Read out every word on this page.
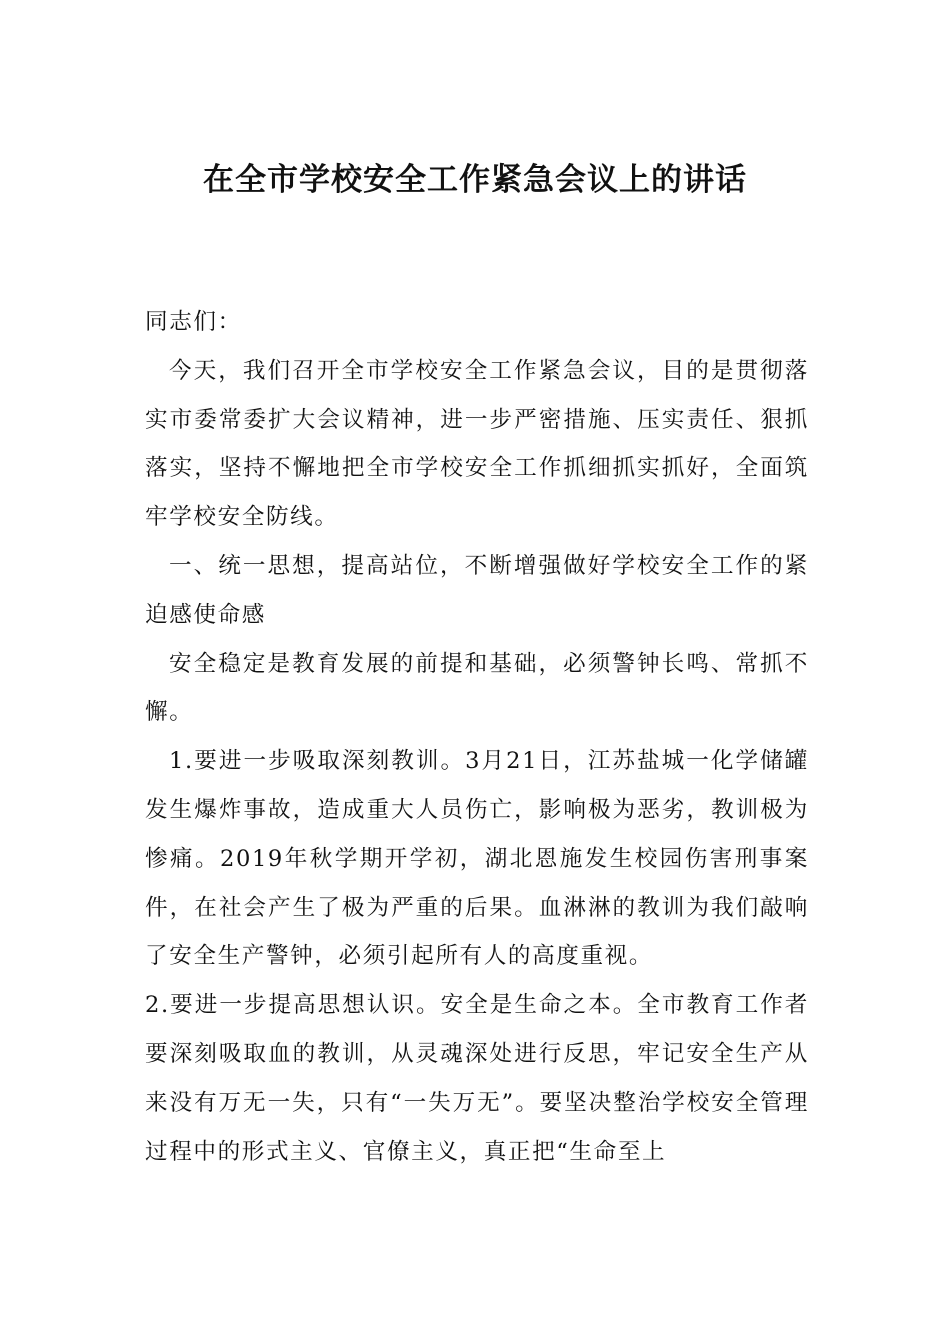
在全市学校安全工作紧急会议上的讲话

同志们：

今天，我们召开全市学校安全工作紧急会议，目的是贯彻落实市委常委扩大会议精神，进一步严密措施、压实责任、狠抓落实，坚持不懈地把全市学校安全工作抓细抓实抓好，全面筑牢学校安全防线。

一、统一思想，提高站位，不断增强做好学校安全工作的紧迫感使命感

安全稳定是教育发展的前提和基础，必须警钟长鸣、常抓不懈。

1.要进一步吸取深刻教训。3月21日，江苏盐城一化学储罐发生爆炸事故，造成重大人员伤亡，影响极为恶劣，教训极为惨痛。2019年秋学期开学初，湖北恩施发生校园伤害刑事案件，在社会产生了极为严重的后果。血淋淋的教训为我们敲响了安全生产警钟，必须引起所有人的高度重视。

2.要进一步提高思想认识。安全是生命之本。全市教育工作者要深刻吸取血的教训，从灵魂深处进行反思，牢记安全生产从来没有万无一失，只有“一失万无”。要坚决整治学校安全管理过程中的形式主义、官僚主义，真正把“生命至上
